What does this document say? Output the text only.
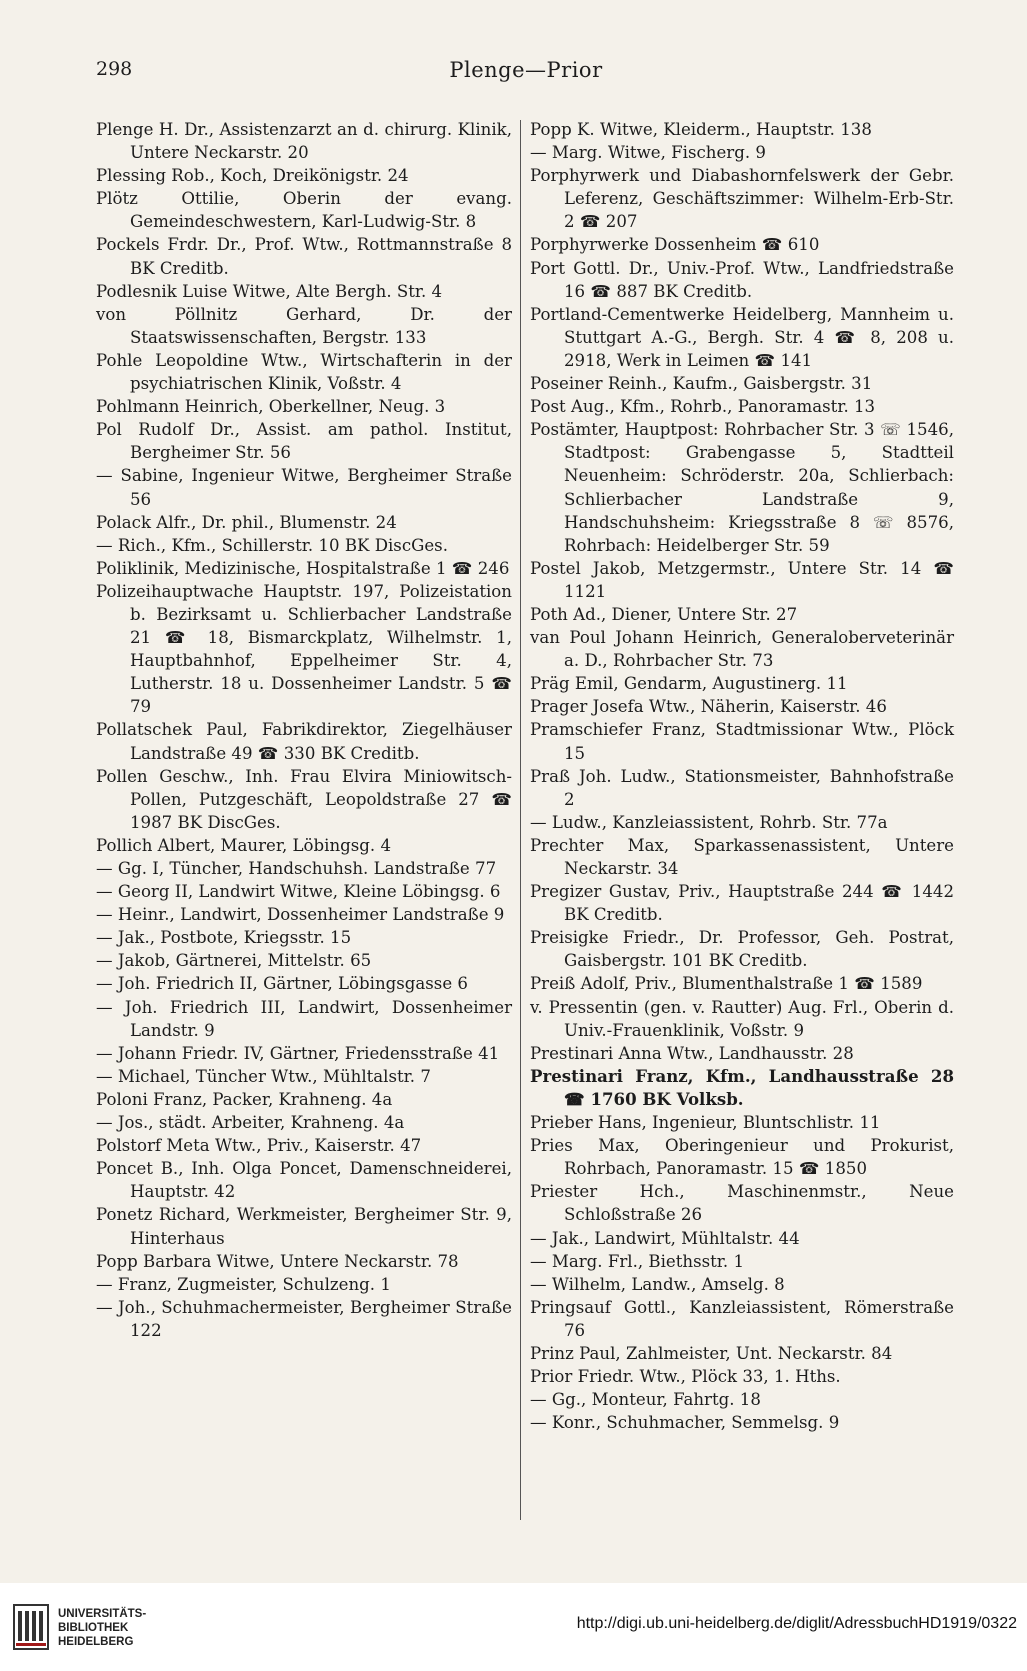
298	Plenge—Prior

Plenge H. Dr., Assistenzarzt an d. chirurg. Klinik, Untere Neckarstr. 20

Plessing Rob., Koch, Dreikönigstr. 24

Plötz Ottilie, Oberin der evang. Gemeindeschwestern, Karl-Ludwig-Str. 8

Pockels Frdr. Dr., Prof. Wtw., Rottmannstraße 8 BK Creditb.

Podlesnik Luise Witwe, Alte Bergh. Str. 4

von Pöllnitz Gerhard, Dr. der Staatswissenschaften, Bergstr. 133

Pohle Leopoldine Wtw., Wirtschafterin in der psychiatrischen Klinik, Voßstr. 4

Pohlmann Heinrich, Oberkellner, Neug. 3

Pol Rudolf Dr., Assist. am pathol. Institut, Bergheimer Str. 56

— Sabine, Ingenieur Witwe, Bergheimer Straße 56

Polack Alfr., Dr. phil., Blumenstr. 24

— Rich., Kfm., Schillerstr. 10 BK DiscGes.

Poliklinik, Medizinische, Hospitalstraße 1 ☎ 246

Polizeihauptwache Hauptstr. 197, Polizeistation b. Bezirksamt u. Schlierbacher Landstraße 21 ☎ 18, Bismarckplatz, Wilhelmstr. 1, Hauptbahnhof, Eppelheimer Str. 4, Lutherstr. 18 u. Dossenheimer Landstr. 5 ☎ 79

Pollatschek Paul, Fabrikdirektor, Ziegelhäuser Landstraße 49 ☎ 330 BK Creditb.

Pollen Geschw., Inh. Frau Elvira Miniowitsch-Pollen, Putzgeschäft, Leopoldstraße 27 ☎ 1987 BK DiscGes.

Pollich Albert, Maurer, Löbingsg. 4

— Gg. I, Tüncher, Handschuhsh. Landstraße 77

— Georg II, Landwirt Witwe, Kleine Löbingsg. 6

— Heinr., Landwirt, Dossenheimer Landstraße 9

— Jak., Postbote, Kriegsstr. 15

— Jakob, Gärtnerei, Mittelstr. 65

— Joh. Friedrich II, Gärtner, Löbingsgasse 6

— Joh. Friedrich III, Landwirt, Dossenheimer Landstr. 9

— Johann Friedr. IV, Gärtner, Friedensstraße 41

— Michael, Tüncher Wtw., Mühltalstr. 7

Poloni Franz, Packer, Krahneng. 4a

— Jos., städt. Arbeiter, Krahneng. 4a

Polstorf Meta Wtw., Priv., Kaiserstr. 47

Poncet B., Inh. Olga Poncet, Damenschneiderei, Hauptstr. 42

Ponetz Richard, Werkmeister, Bergheimer Str. 9, Hinterhaus

Popp Barbara Witwe, Untere Neckarstr. 78

— Franz, Zugmeister, Schulzeng. 1

— Joh., Schuhmachermeister, Bergheimer Straße 122

Popp K. Witwe, Kleiderm., Hauptstr. 138

— Marg. Witwe, Fischerg. 9

Porphyrwerk und Diabashornfelswerk der Gebr. Leferenz, Geschäftszimmer: Wilhelm-Erb-Str. 2 ☎ 207

Porphyrwerke Dossenheim ☎ 610

Port Gottl. Dr., Univ.-Prof. Wtw., Landfriedstraße 16 ☎ 887 BK Creditb.

Portland-Cementwerke Heidelberg, Mannheim u. Stuttgart A.-G., Bergh. Str. 4 ☎ 8, 208 u. 2918, Werk in Leimen ☎ 141

Poseiner Reinh., Kaufm., Gaisbergstr. 31

Post Aug., Kfm., Rohrb., Panoramastr. 13

Postämter, Hauptpost: Rohrbacher Str. 3 ☏ 1546, Stadtpost: Grabengasse 5, Stadtteil Neuenheim: Schröderstr. 20a, Schlierbach: Schlierbacher Landstraße 9, Handschuhsheim: Kriegsstraße 8 ☏ 8576, Rohrbach: Heidelberger Str. 59

Postel Jakob, Metzgermstr., Untere Str. 14 ☎ 1121

Poth Ad., Diener, Untere Str. 27

van Poul Johann Heinrich, Generaloberveterinär a. D., Rohrbacher Str. 73

Präg Emil, Gendarm, Augustinerg. 11

Prager Josefa Wtw., Näherin, Kaiserstr. 46

Pramschiefer Franz, Stadtmissionar Wtw., Plöck 15

Praß Joh. Ludw., Stationsmeister, Bahnhofstraße 2

— Ludw., Kanzleiassistent, Rohrb. Str. 77a

Prechter Max, Sparkassenassistent, Untere Neckarstr. 34

Pregizer Gustav, Priv., Hauptstraße 244 ☎ 1442 BK Creditb.

Preisigke Friedr., Dr. Professor, Geh. Postrat, Gaisbergstr. 101 BK Creditb.

Preiß Adolf, Priv., Blumenthalstraße 1 ☎ 1589

v. Pressentin (gen. v. Rautter) Aug. Frl., Oberin d. Univ.-Frauenklinik, Voßstr. 9

Prestinari Anna Wtw., Landhausstr. 28

Prestinari Franz, Kfm., Landhausstraße 28 ☎ 1760 BK Volksb.

Prieber Hans, Ingenieur, Bluntschlistr. 11

Pries Max, Oberingenieur und Prokurist, Rohrbach, Panoramastr. 15 ☎ 1850

Priester Hch., Maschinenmstr., Neue Schloßstraße 26

— Jak., Landwirt, Mühltalstr. 44

— Marg. Frl., Biethsstr. 1

— Wilhelm, Landw., Amselg. 8

Pringsauf Gottl., Kanzleiassistent, Römerstraße 76

Prinz Paul, Zahlmeister, Unt. Neckarstr. 84

Prior Friedr. Wtw., Plöck 33, 1. Hths.

— Gg., Monteur, Fahrtg. 18

— Konr., Schuhmacher, Semmelsg. 9

UNIVERSITÄTS-
BIBLIOTHEK
HEIDELBERG
http://digi.ub.uni-heidelberg.de/diglit/AdressbuchHD1919/0322
